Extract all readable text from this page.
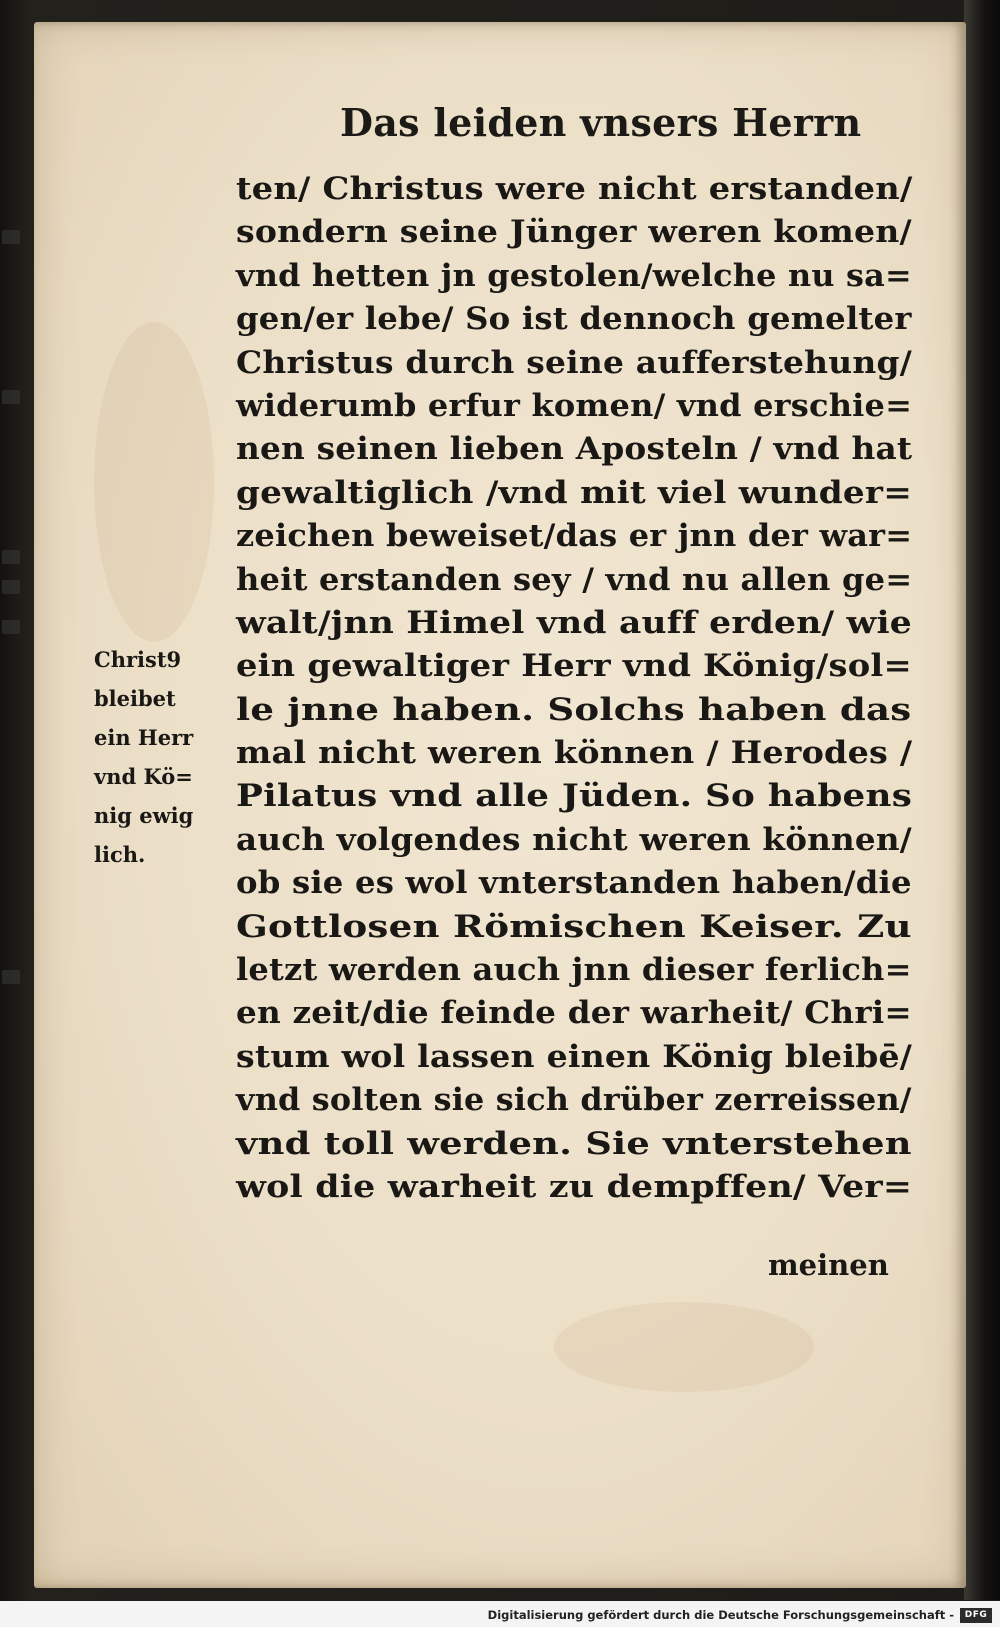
Das leiden vnsers Herrn
ten/ Christus were nicht erstanden/
sondern seine Jünger weren komen/
vnd hetten jn gestolen/welche nu sa=
gen/er lebe/ So ist dennoch gemelter
Christus durch seine aufferstehung/
widerumb erfur komen/ vnd erschie=
nen seinen lieben Aposteln / vnd hat
gewaltiglich /vnd mit viel wunder=
zeichen beweiset/das er jnn der war=
heit erstanden sey / vnd nu allen ge=
walt/jnn Himel vnd auff erden/ wie
ein gewaltiger Herr vnd König/sol=
le jnne haben. Solchs haben das
mal nicht weren können / Herodes /
Pilatus vnd alle Jüden. So habens
auch volgendes nicht weren können/
ob sie es wol vnterstanden haben/die
Gottlosen Römischen Keiser. Zu
letzt werden auch jnn dieser ferlich=
en zeit/die feinde der warheit/ Chri=
stum wol lassen einen König bleibē/
vnd solten sie sich drüber zerreissen/
vnd toll werden. Sie vnterstehen
wol die warheit zu dempffen/ Ver=
meinen
Christ9
bleibet
ein Herr
vnd Kö=
nig ewig
lich.
Digitalisierung gefördert durch die Deutsche Forschungsgemeinschaft -	DFG
